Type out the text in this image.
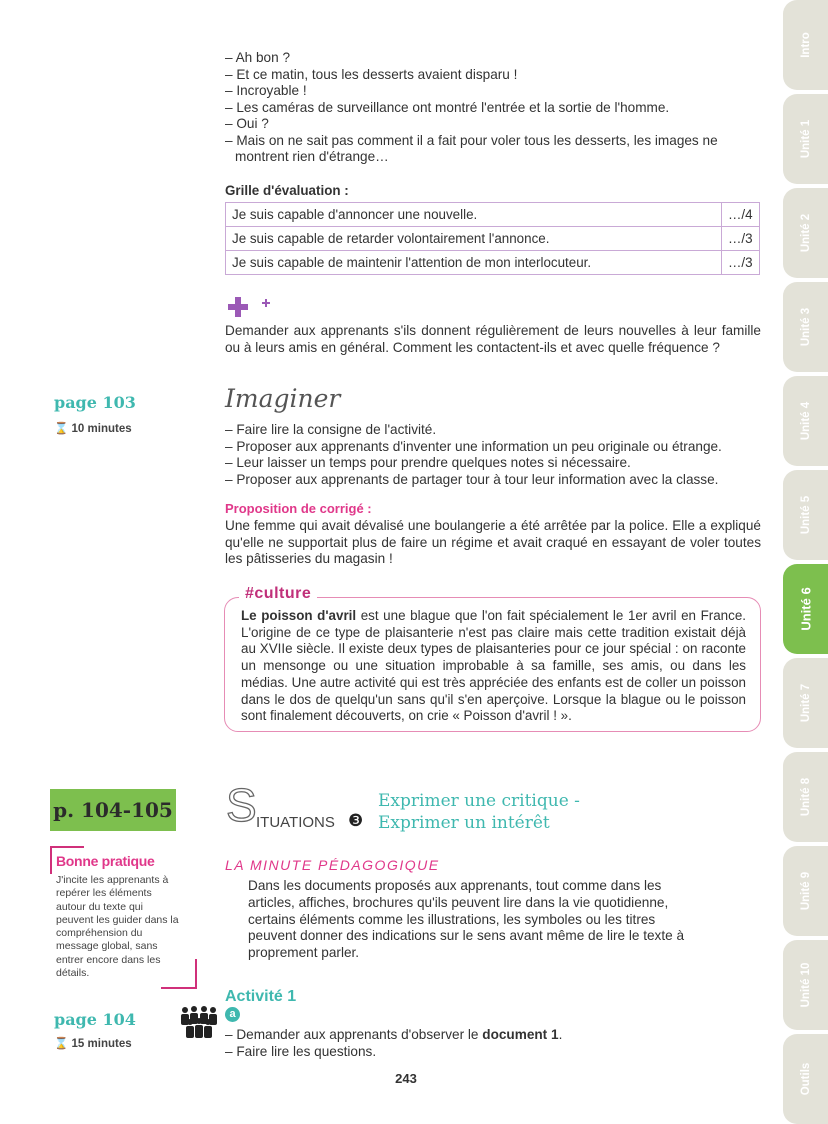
– Ah bon ?
– Et ce matin, tous les desserts avaient disparu !
– Incroyable !
– Les caméras de surveillance ont montré l'entrée et la sortie de l'homme.
– Oui ?
– Mais on ne sait pas comment il a fait pour voler tous les desserts, les images ne montrent rien d'étrange…
Grille d'évaluation :
Je suis capable d'annoncer une nouvelle.	…/4
Je suis capable de retarder volontairement l'annonce.	…/3
Je suis capable de maintenir l'attention de mon interlocuteur.	…/3
Demander aux apprenants s'ils donnent régulièrement de leurs nouvelles à leur famille ou à leurs amis en général. Comment les contactent-ils et avec quelle fréquence ?
page 103
⌛ 10 minutes
Imaginer
– Faire lire la consigne de l'activité.
– Proposer aux apprenants d'inventer une information un peu originale ou étrange.
– Leur laisser un temps pour prendre quelques notes si nécessaire.
– Proposer aux apprenants de partager tour à tour leur information avec la classe.
Proposition de corrigé :
Une femme qui avait dévalisé une boulangerie a été arrêtée par la police. Elle a expliqué qu'elle ne supportait plus de faire un régime et avait craqué en essayant de voler toutes les pâtisseries du magasin !
#culture

Le poisson d'avril est une blague que l'on fait spécialement le 1er avril en France. L'origine de ce type de plaisanterie n'est pas claire mais cette tradition existait déjà au XVIIe siècle. Il existe deux types de plaisanteries pour ce jour spécial : on raconte un mensonge ou une situation improbable à sa famille, ses amis, ou dans les médias. Une autre activité qui est très appréciée des enfants est de coller un poisson dans le dos de quelqu'un sans qu'il s'en aperçoive. Lorsque la blague ou le poisson sont finalement découverts, on crie « Poisson d'avril ! ».

p. 104-105 S ITUATIONS ❸
Exprimer une critique -
Exprimer un intérêt
Bonne pratique
J'incite les apprenants à repérer les éléments autour du texte qui peuvent les guider dans la compréhension du message global, sans entrer encore dans les détails.
LA MINUTE PÉDAGOGIQUE
Dans les documents proposés aux apprenants, tout comme dans les articles, affiches, brochures qu'ils peuvent lire dans la vie quotidienne, certains éléments comme les illustrations, les symboles ou les titres peuvent donner des indications sur le sens avant même de lire le texte à proprement parler.
Activité 1
a
– Demander aux apprenants d'observer le document 1.
– Faire lire les questions.
page 104
⌛ 15 minutes
243
Intro
Unité 1
Unité 2
Unité 3
Unité 4
Unité 5
Unité 6
Unité 7
Unité 8
Unité 9
Unité 10
Outils
